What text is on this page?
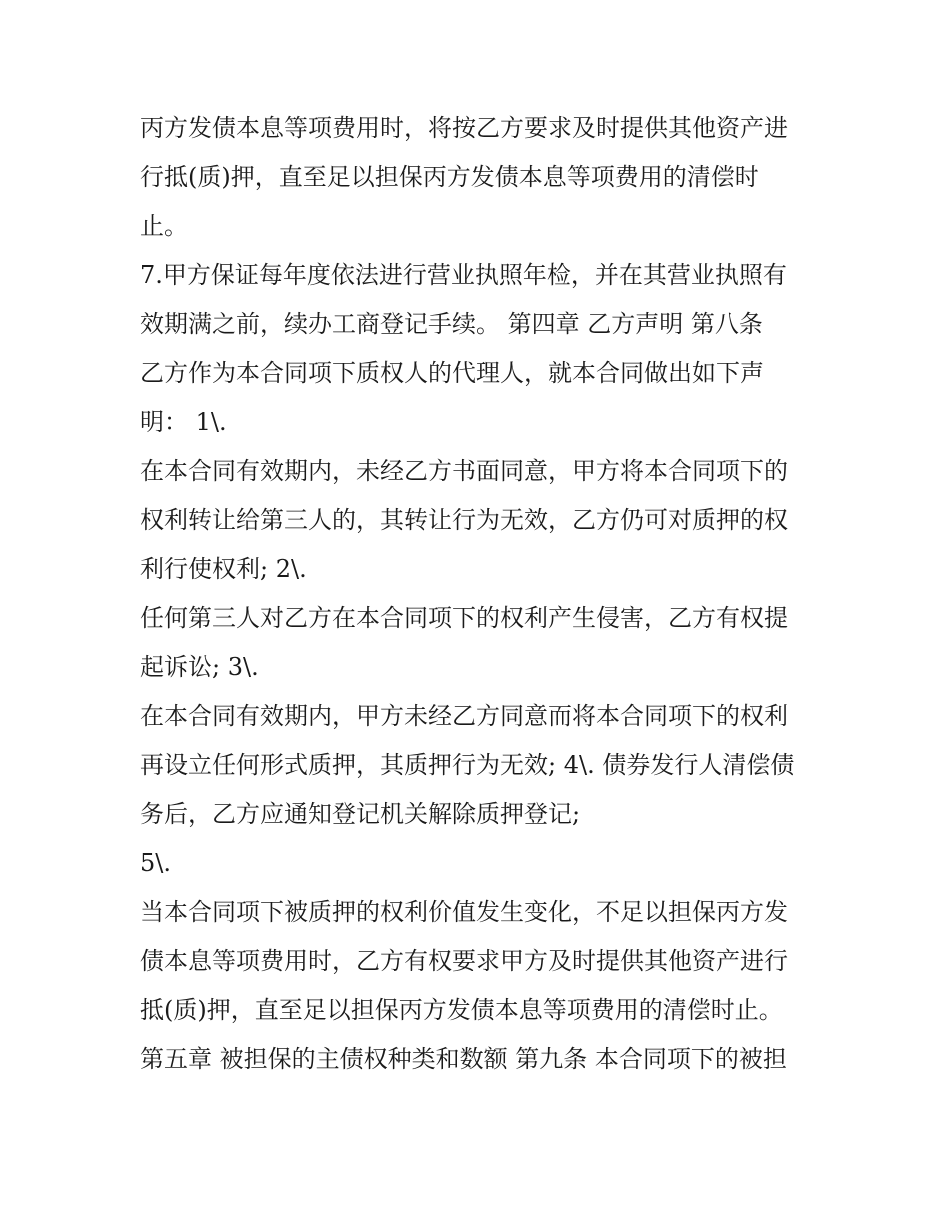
丙方发债本息等项费用时，将按乙方要求及时提供其他资产进
行抵(质)押，直至足以担保丙方发债本息等项费用的清偿时
止。
7.甲方保证每年度依法进行营业执照年检，并在其营业执照有
效期满之前，续办工商登记手续。 第四章 乙方声明 第八条
乙方作为本合同项下质权人的代理人，就本合同做出如下声
明： 1\.
在本合同有效期内，未经乙方书面同意，甲方将本合同项下的
权利转让给第三人的，其转让行为无效，乙方仍可对质押的权
利行使权利; 2\.
任何第三人对乙方在本合同项下的权利产生侵害，乙方有权提
起诉讼; 3\.
在本合同有效期内，甲方未经乙方同意而将本合同项下的权利
再设立任何形式质押，其质押行为无效; 4\. 债券发行人清偿债
务后，乙方应通知登记机关解除质押登记;
5\.
当本合同项下被质押的权利价值发生变化，不足以担保丙方发
债本息等项费用时，乙方有权要求甲方及时提供其他资产进行
抵(质)押，直至足以担保丙方发债本息等项费用的清偿时止。
第五章 被担保的主债权种类和数额 第九条 本合同项下的被担
